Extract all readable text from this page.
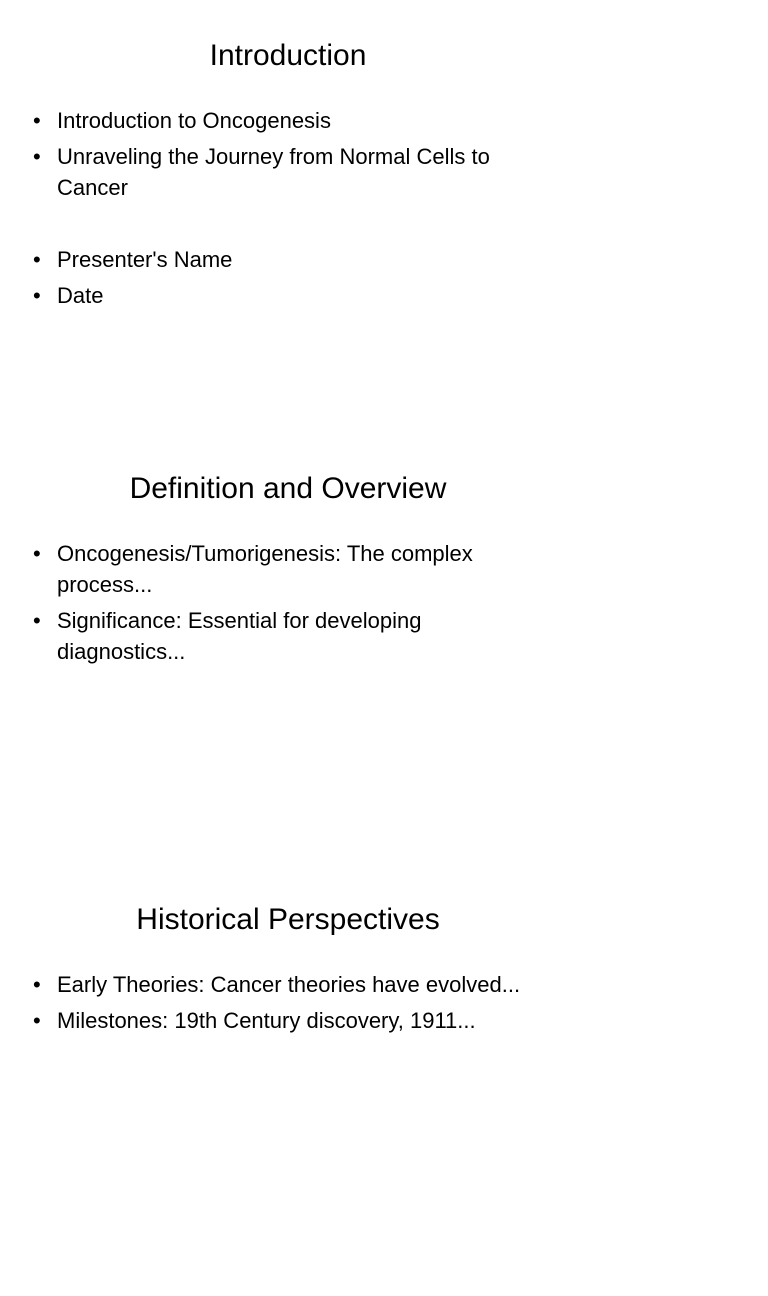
Introduction
• Introduction to Oncogenesis
• Unraveling the Journey from Normal Cells to Cancer
• Presenter's Name
• Date
Definition and Overview
• Oncogenesis/Tumorigenesis: The complex process...
• Significance: Essential for developing diagnostics...
Historical Perspectives
• Early Theories: Cancer theories have evolved...
• Milestones: 19th Century discovery, 1911...
